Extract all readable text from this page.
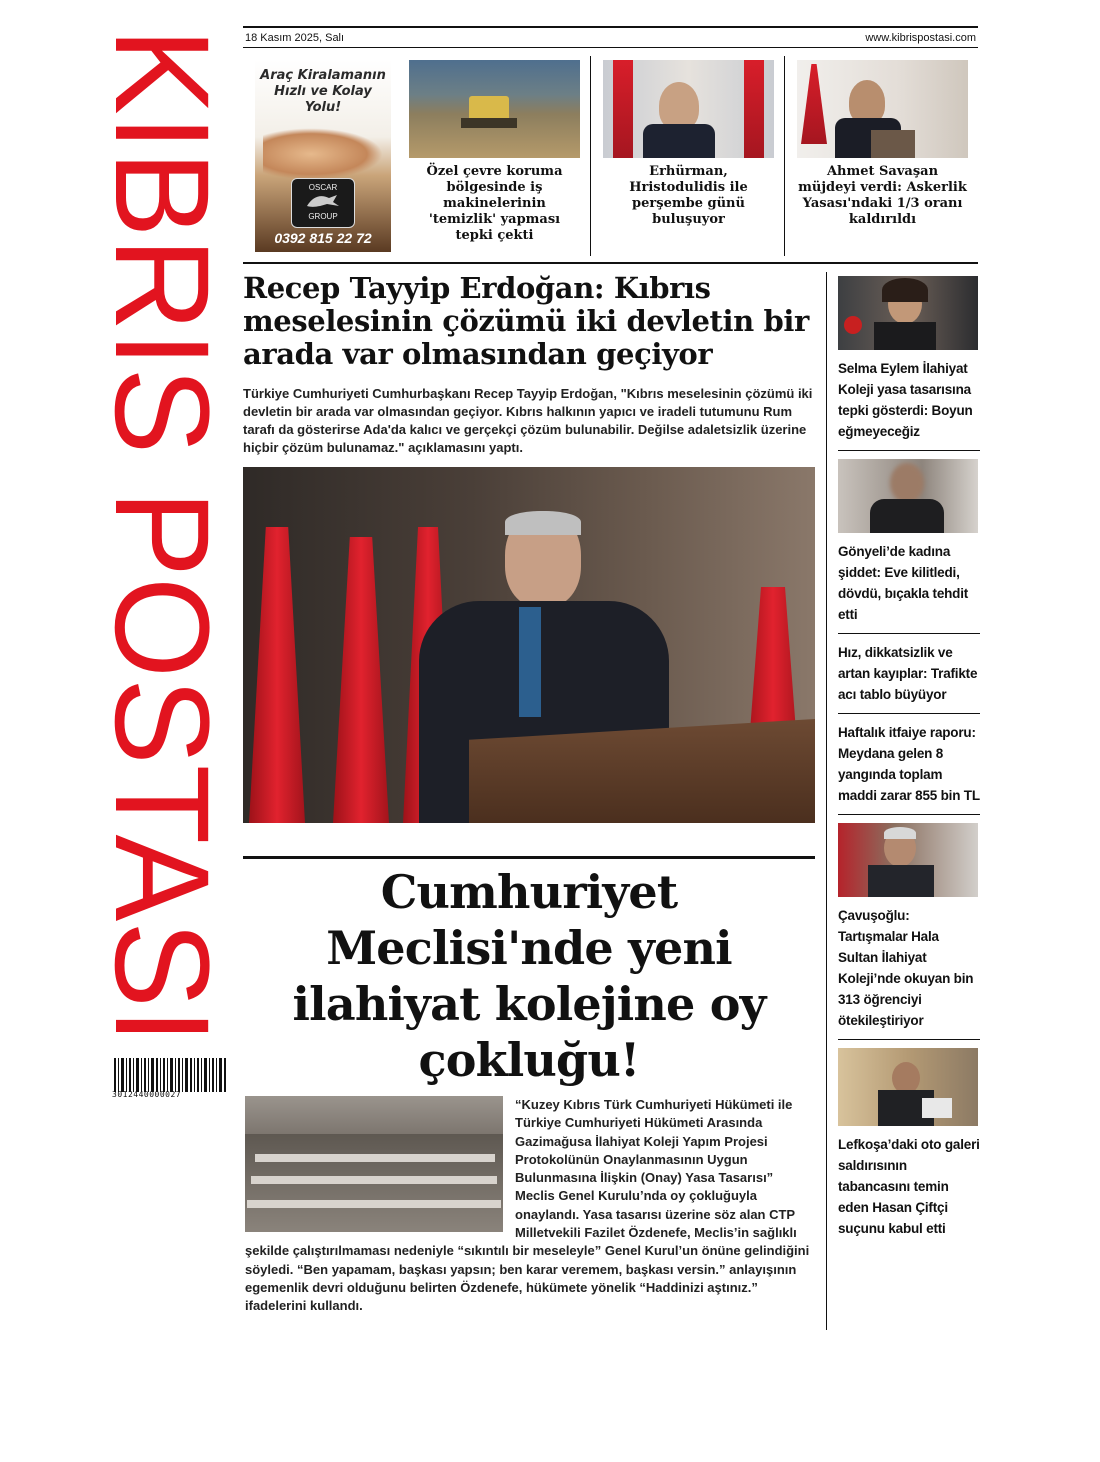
KIBRIS POSTASI
3012440000027
18 Kasım 2025, Salı	www.kibrispostasi.com
Araç Kiralamanın
Hızlı ve Kolay
Yolu!
OSCAR
GROUP
0392 815 22 72
Özel çevre koruma bölgesinde iş makinelerinin 'temizlik' yapması tepki çekti
Erhürman, Hristodulidis ile perşembe günü buluşuyor
Ahmet Savaşan müjdeyi verdi: Askerlik Yasası'ndaki 1/3 oranı kaldırıldı
Recep Tayyip Erdoğan: Kıbrıs meselesinin çözümü iki devletin bir arada var olmasından geçiyor
Türkiye Cumhuriyeti Cumhurbaşkanı Recep Tayyip Erdoğan, "Kıbrıs meselesinin çözümü iki devletin bir arada var olmasından geçiyor. Kıbrıs halkının yapıcı ve iradeli tutumunu Rum tarafı da gösterirse Ada'da kalıcı ve gerçekçi çözüm bulunabilir. Değilse adaletsizlik üzerine hiçbir çözüm bulunamaz." açıklamasını yaptı.
Cumhuriyet Meclisi'nde yeni ilahiyat kolejine oy çokluğu!
“Kuzey Kıbrıs Türk Cumhuriyeti Hükümeti ile Türkiye Cumhuriyeti Hükümeti Arasında Gazimağusa İlahiyat Koleji Yapım Projesi Protokolünün Onaylanmasının Uygun Bulunmasına İlişkin (Onay) Yasa Tasarısı” Meclis Genel Kurulu’nda oy çokluğuyla onaylandı. Yasa tasarısı üzerine söz alan CTP Milletvekili Fazilet Özdenefe, Meclis’in sağlıklı şekilde çalıştırılmaması nedeniyle “sıkıntılı bir meseleyle” Genel Kurul’un önüne gelindiğini söyledi. “Ben yapamam, başkası yapsın; ben karar veremem, başkası versin.” anlayışının egemenlik devri olduğunu belirten Özdenefe, hükümete yönelik “Haddinizi aştınız.” ifadelerini kullandı.
Selma Eylem İlahiyat Koleji yasa tasarısına tepki gösterdi: Boyun eğmeyeceğiz
Gönyeli’de kadına şiddet: Eve kilitledi, dövdü, bıçakla tehdit etti
Hız, dikkatsizlik ve artan kayıplar: Trafikte acı tablo büyüyor
Haftalık itfaiye raporu: Meydana gelen 8 yangında toplam maddi zarar 855 bin TL
Çavuşoğlu: Tartışmalar Hala Sultan İlahiyat Koleji’nde okuyan bin 313 öğrenciyi ötekileştiriyor
Lefkoşa’daki oto galeri saldırısının tabancasını temin eden Hasan Çiftçi suçunu kabul etti
